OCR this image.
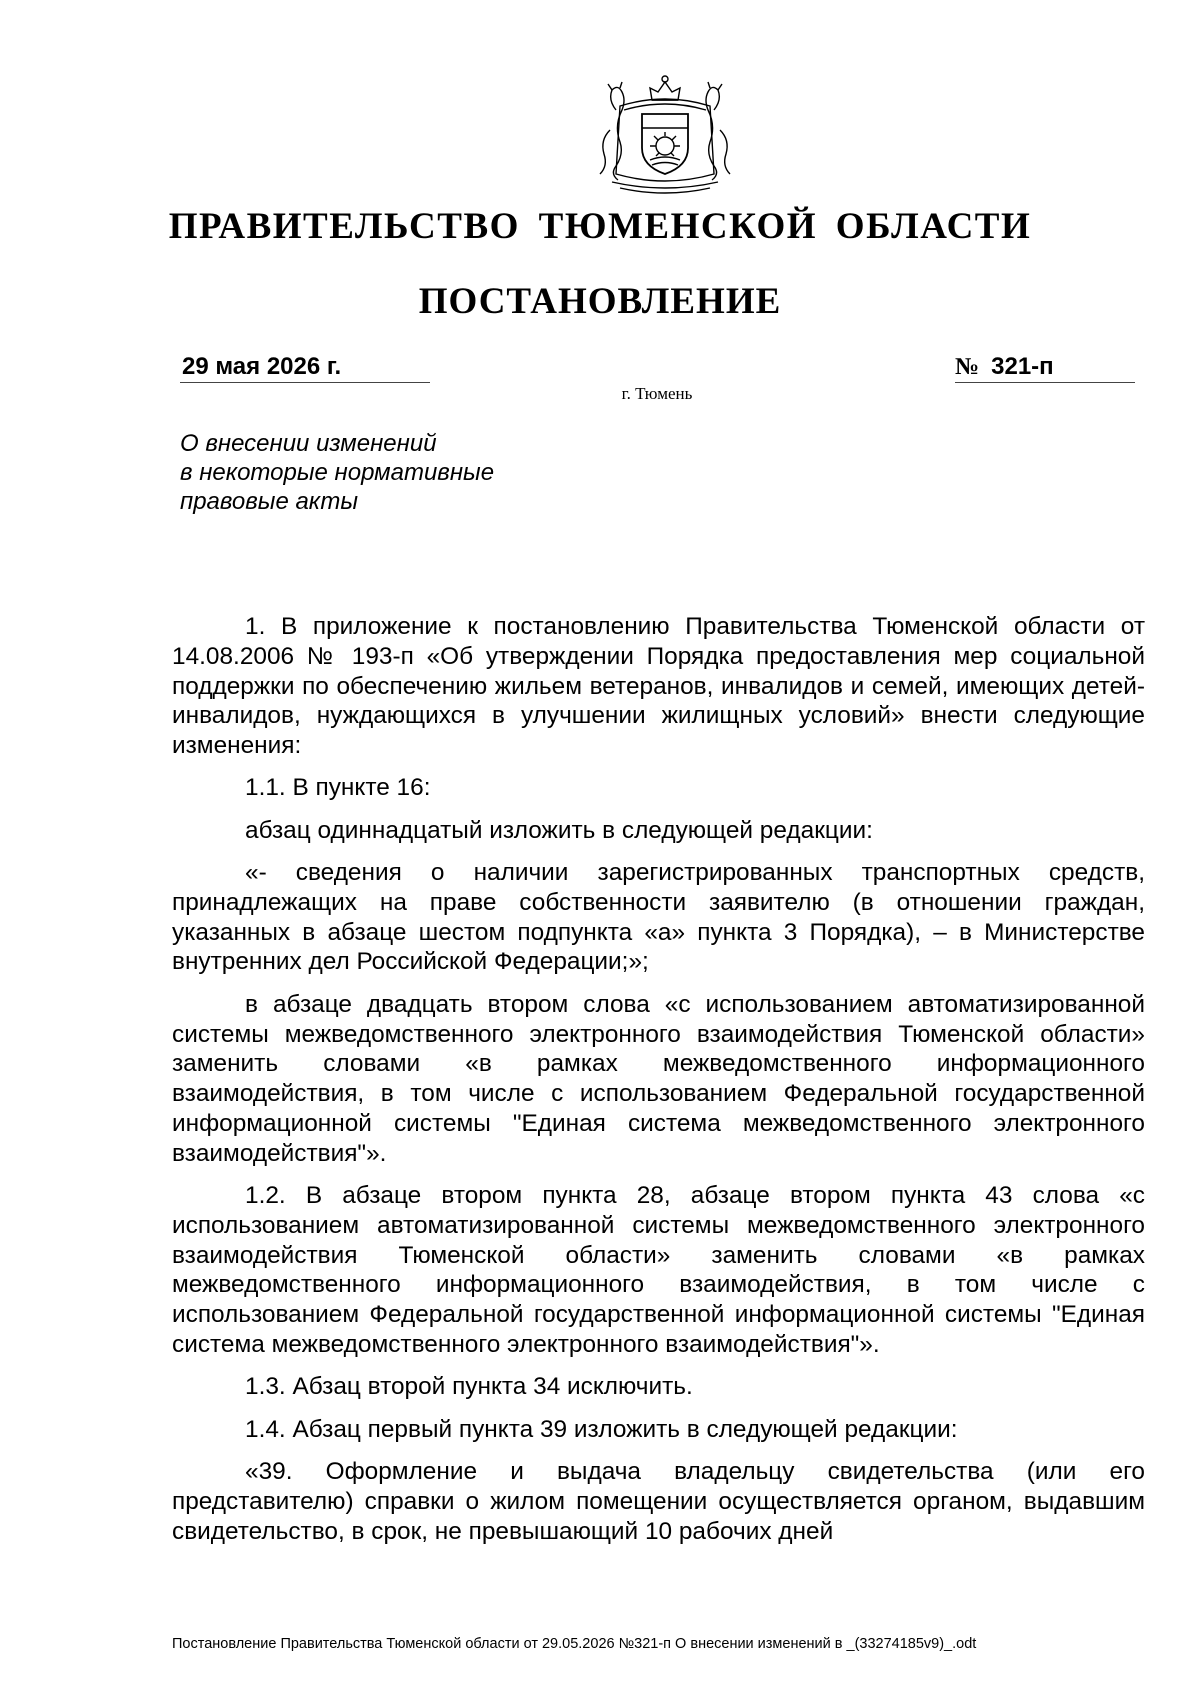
ПРАВИТЕЛЬСТВО ТЮМЕНСКОЙ ОБЛАСТИ
ПОСТАНОВЛЕНИЕ
29 мая 2026 г.	№ 321-п
г. Тюмень
О внесении изменений
в некоторые нормативные
правовые акты

1. В приложение к постановлению Правительства Тюменской области от 14.08.2006 № 193-п «Об утверждении Порядка предоставления мер социальной поддержки по обеспечению жильем ветеранов, инвалидов и семей, имеющих детей-инвалидов, нуждающихся в улучшении жилищных условий» внести следующие изменения:

1.1. В пункте 16:

абзац одиннадцатый изложить в следующей редакции:

«- сведения о наличии зарегистрированных транспортных средств, принадлежащих на праве собственности заявителю (в отношении граждан, указанных в абзаце шестом подпункта «а» пункта 3 Порядка), – в Министерстве внутренних дел Российской Федерации;»;

в абзаце двадцать втором слова «с использованием автоматизированной системы межведомственного электронного взаимодействия Тюменской области» заменить словами «в рамках межведомственного информационного взаимодействия, в том числе с использованием Федеральной государственной информационной системы "Единая система межведомственного электронного взаимодействия"».

1.2. В абзаце втором пункта 28, абзаце втором пункта 43 слова «с использованием автоматизированной системы межведомственного электронного взаимодействия Тюменской области» заменить словами «в рамках межведомственного информационного взаимодействия, в том числе с использованием Федеральной государственной информационной системы "Единая система межведомственного электронного взаимодействия"».

1.3. Абзац второй пункта 34 исключить.

1.4. Абзац первый пункта 39 изложить в следующей редакции:

«39. Оформление и выдача владельцу свидетельства (или его представителю) справки о жилом помещении осуществляется органом, выдавшим свидетельство, в срок, не превышающий 10 рабочих дней

Постановление Правительства Тюменской области от 29.05.2026 №321-п О внесении изменений в _(33274185v9)_.odt
